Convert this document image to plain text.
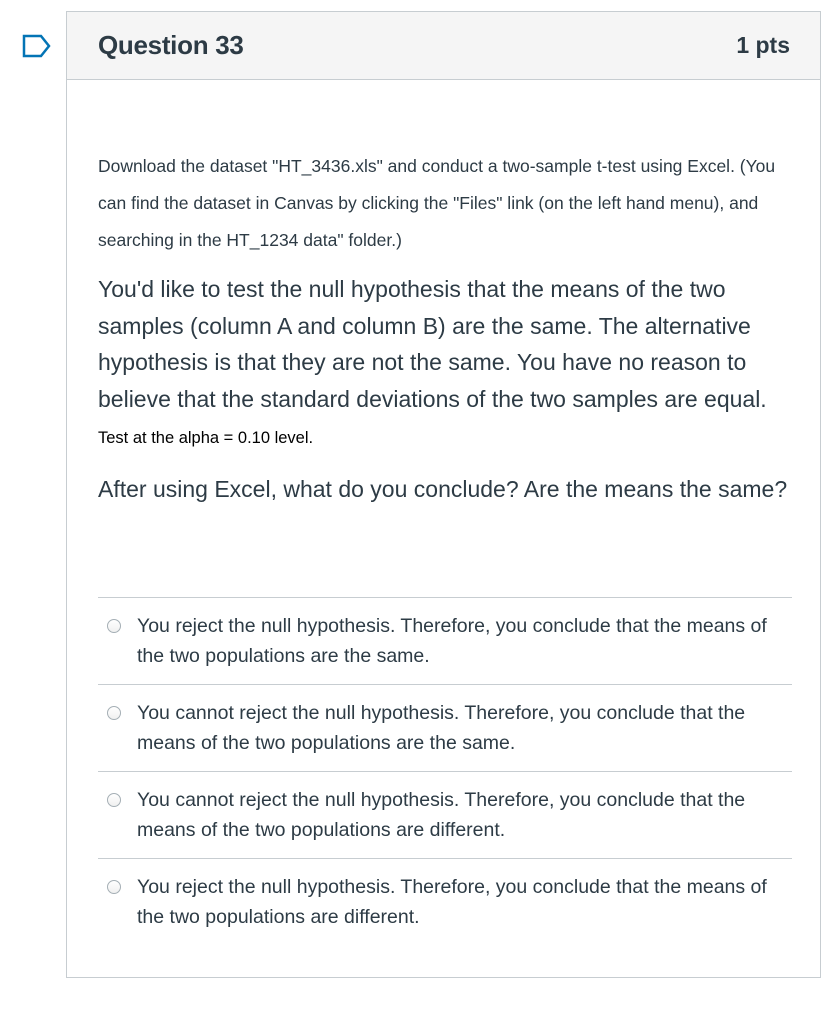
Question 33	1 pts

Download the dataset "HT_3436.xls" and conduct a two-sample t-test using Excel. (You can find the dataset in Canvas by clicking the "Files" link (on the left hand menu), and searching in the HT_1234 data" folder.)

You'd like to test the null hypothesis that the means of the two samples (column A and column B) are the same. The alternative hypothesis is that they are not the same. You have no reason to believe that the standard deviations of the two samples are equal. Test at the alpha = 0.10 level.

After using Excel, what do you conclude? Are the means the same?

You reject the null hypothesis. Therefore, you conclude that the means of the two populations are the same.
You cannot reject the null hypothesis. Therefore, you conclude that the means of the two populations are the same.
You cannot reject the null hypothesis. Therefore, you conclude that the means of the two populations are different.
You reject the null hypothesis. Therefore, you conclude that the means of the two populations are different.
